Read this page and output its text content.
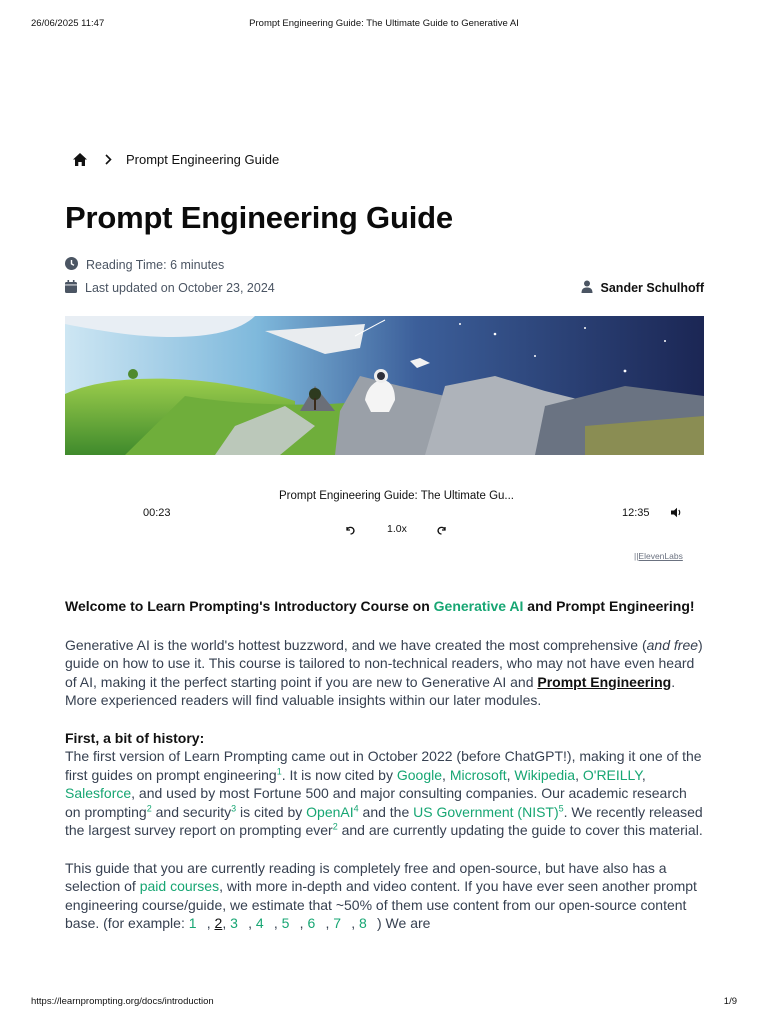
26/06/2025 11:47	Prompt Engineering Guide: The Ultimate Guide to Generative AI
Prompt Engineering Guide
Prompt Engineering Guide
Reading Time: 6 minutes
Last updated on October 23, 2024	Sander Schulhoff
Prompt Engineering Guide: The Ultimate Gu...
00:23	12:35
1.0x
||ElevenLabs

Welcome to Learn Prompting's Introductory Course on Generative AI and Prompt Engineering!

Generative AI is the world's hottest buzzword, and we have created the most comprehensive (and free) guide on how to use it. This course is tailored to non-technical readers, who may not have even heard of AI, making it the perfect starting point if you are new to Generative AI and Prompt Engineering. More experienced readers will find valuable insights within our later modules.

First, a bit of history:

The first version of Learn Prompting came out in October 2022 (before ChatGPT!), making it one of the first guides on prompt engineering$^1$. It is now cited by Google, Microsoft, Wikipedia, O'REILLY, Salesforce, and used by most Fortune 500 and major consulting companies. Our academic research on prompting$^2$ and security$^3$ is cited by OpenAI$^4$ and the US Government (NIST)$^5$. We recently released the largest survey report on prompting ever$^2$ and are currently updating the guide to cover this material.

This guide that you are currently reading is completely free and open-source, but have also has a selection of paid courses, with more in-depth and video content. If you have ever seen another prompt engineering course/guide, we estimate that ~50% of them use content from our open-source content base. (for example: 1 , 2, 3 , 4 , 5 , 6 , 7 , 8 ) We are

https://learnprompting.org/docs/introduction	1/9
